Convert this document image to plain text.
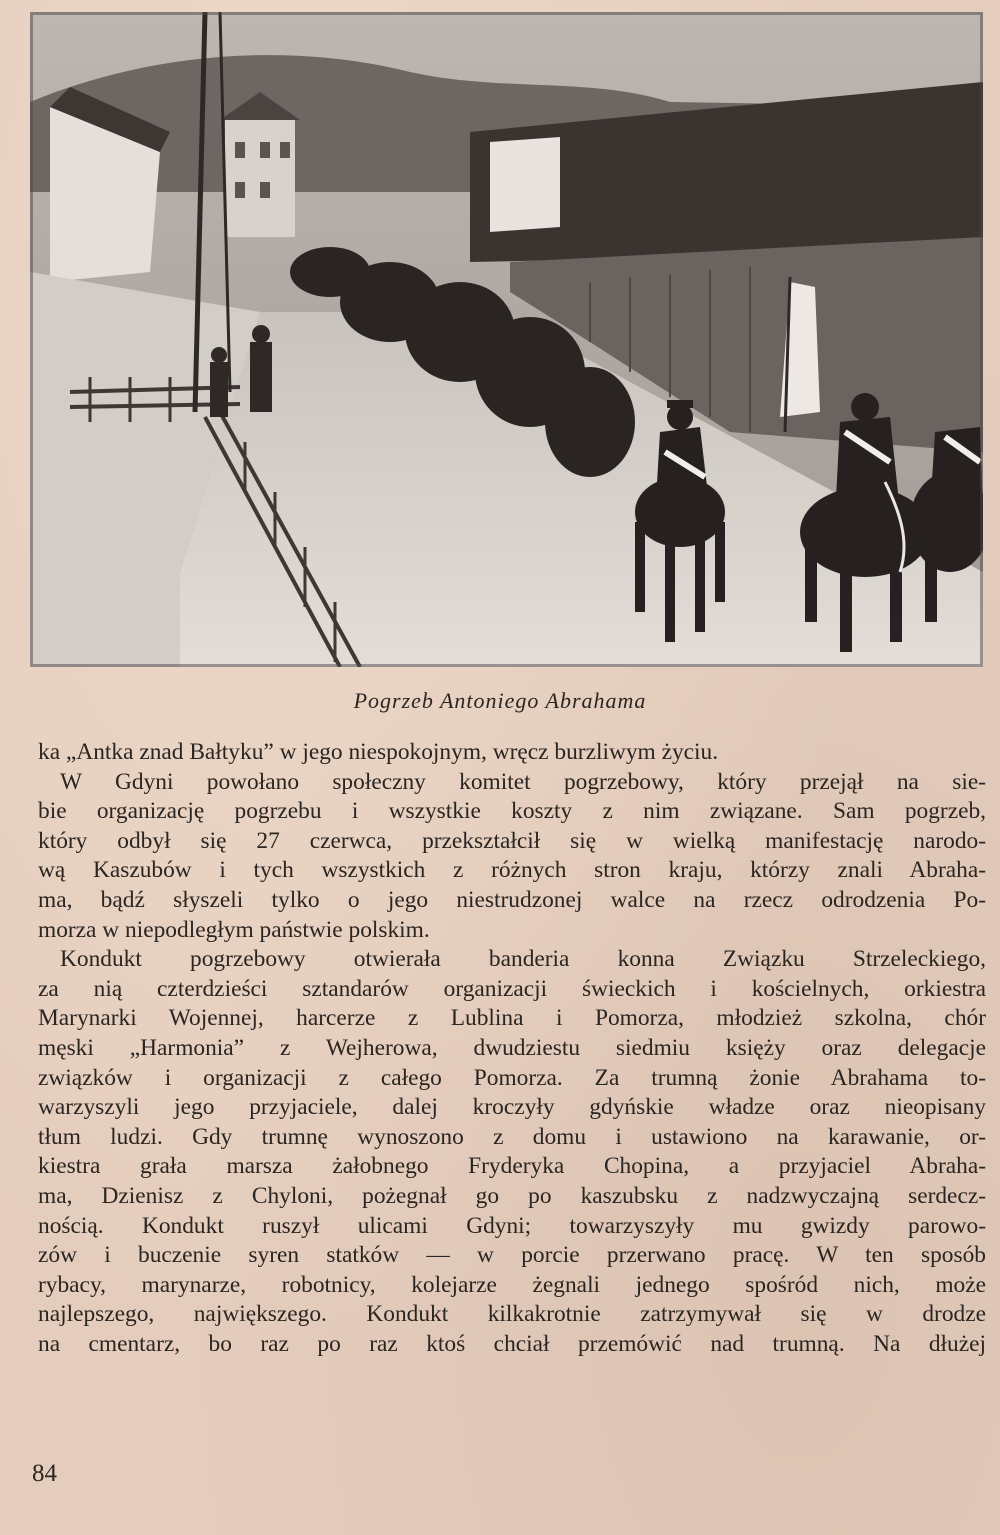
Pogrzeb Antoniego Abrahama
ka „Antka znad Bałtyku” w jego niespokojnym, wręcz burzliwym życiu.
W Gdyni powołano społeczny komitet pogrzebowy, który przejął na sie-
bie organizację pogrzebu i wszystkie koszty z nim związane. Sam pogrzeb,
który odbył się 27 czerwca, przekształcił się w wielką manifestację narodo-
wą Kaszubów i tych wszystkich z różnych stron kraju, którzy znali Abraha-
ma, bądź słyszeli tylko o jego niestrudzonej walce na rzecz odrodzenia Po-
morza w niepodległym państwie polskim.
Kondukt pogrzebowy otwierała banderia konna Związku Strzeleckiego,
za nią czterdzieści sztandarów organizacji świeckich i kościelnych, orkiestra
Marynarki Wojennej, harcerze z Lublina i Pomorza, młodzież szkolna, chór
męski „Harmonia” z Wejherowa, dwudziestu siedmiu księży oraz delegacje
związków i organizacji z całego Pomorza. Za trumną żonie Abrahama to-
warzyszyli jego przyjaciele, dalej kroczyły gdyńskie władze oraz nieopisany
tłum ludzi. Gdy trumnę wynoszono z domu i ustawiono na karawanie, or-
kiestra grała marsza żałobnego Fryderyka Chopina, a przyjaciel Abraha-
ma, Dzienisz z Chyloni, pożegnał go po kaszubsku z nadzwyczajną serdecz-
nością. Kondukt ruszył ulicami Gdyni; towarzyszyły mu gwizdy parowo-
zów i buczenie syren statków — w porcie przerwano pracę. W ten sposób
rybacy, marynarze, robotnicy, kolejarze żegnali jednego spośród nich, może
najlepszego, największego. Kondukt kilkakrotnie zatrzymywał się w drodze
na cmentarz, bo raz po raz ktoś chciał przemówić nad trumną. Na dłużej
84
